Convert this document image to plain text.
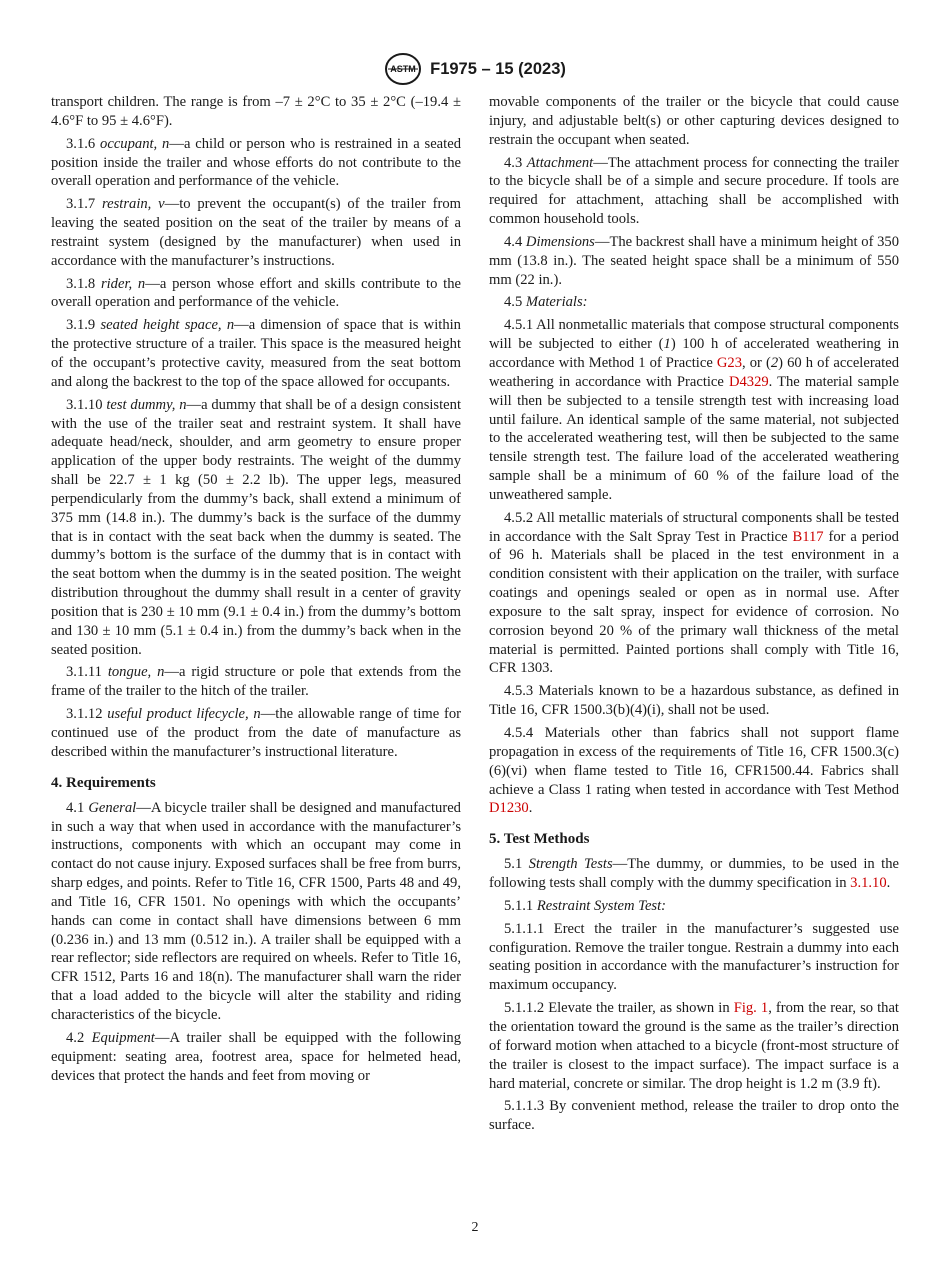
ASTM F1975 – 15 (2023)

transport children. The range is from –7 ± 2°C to 35 ± 2°C (–19.4 ± 4.6°F to 95 ± 4.6°F).

3.1.6 occupant, n—a child or person who is restrained in a seated position inside the trailer and whose efforts do not contribute to the overall operation and performance of the vehicle.

3.1.7 restrain, v—to prevent the occupant(s) of the trailer from leaving the seated position on the seat of the trailer by means of a restraint system (designed by the manufacturer) when used in accordance with the manufacturer’s instructions.

3.1.8 rider, n—a person whose effort and skills contribute to the overall operation and performance of the vehicle.

3.1.9 seated height space, n—a dimension of space that is within the protective structure of a trailer. This space is the measured height of the occupant’s protective cavity, measured from the seat bottom and along the backrest to the top of the space allowed for occupants.

3.1.10 test dummy, n—a dummy that shall be of a design consistent with the use of the trailer seat and restraint system. It shall have adequate head/neck, shoulder, and arm geometry to ensure proper application of the upper body restraints. The weight of the dummy shall be 22.7 ± 1 kg (50 ± 2.2 lb). The upper legs, measured perpendicularly from the dummy’s back, shall extend a minimum of 375 mm (14.8 in.). The dummy’s back is the surface of the dummy that is in contact with the seat back when the dummy is seated. The dummy’s bottom is the surface of the dummy that is in contact with the seat bottom when the dummy is in the seated position. The weight distribution throughout the dummy shall result in a center of gravity position that is 230 ± 10 mm (9.1 ± 0.4 in.) from the dummy’s bottom and 130 ± 10 mm (5.1 ± 0.4 in.) from the dummy’s back when in the seated position.

3.1.11 tongue, n—a rigid structure or pole that extends from the frame of the trailer to the hitch of the trailer.

3.1.12 useful product lifecycle, n—the allowable range of time for continued use of the product from the date of manufacture as described within the manufacturer’s instructional literature.

4. Requirements

4.1 General—A bicycle trailer shall be designed and manufactured in such a way that when used in accordance with the manufacturer’s instructions, components with which an occupant may come in contact do not cause injury. Exposed surfaces shall be free from burrs, sharp edges, and points. Refer to Title 16, CFR 1500, Parts 48 and 49, and Title 16, CFR 1501. No openings with which the occupants’ hands can come in contact shall have dimensions between 6 mm (0.236 in.) and 13 mm (0.512 in.). A trailer shall be equipped with a rear reflector; side reflectors are required on wheels. Refer to Title 16, CFR 1512, Parts 16 and 18(n). The manufacturer shall warn the rider that a load added to the bicycle will alter the stability and riding characteristics of the bicycle.

4.2 Equipment—A trailer shall be equipped with the following equipment: seating area, footrest area, space for helmeted head, devices that protect the hands and feet from moving or

movable components of the trailer or the bicycle that could cause injury, and adjustable belt(s) or other capturing devices designed to restrain the occupant when seated.

4.3 Attachment—The attachment process for connecting the trailer to the bicycle shall be of a simple and secure procedure. If tools are required for attachment, attaching shall be accomplished with common household tools.

4.4 Dimensions—The backrest shall have a minimum height of 350 mm (13.8 in.). The seated height space shall be a minimum of 550 mm (22 in.).

4.5 Materials:

4.5.1 All nonmetallic materials that compose structural components will be subjected to either (1) 100 h of accelerated weathering in accordance with Method 1 of Practice G23, or (2) 60 h of accelerated weathering in accordance with Practice D4329. The material sample will then be subjected to a tensile strength test with increasing load until failure. An identical sample of the same material, not subjected to the accelerated weathering test, will then be subjected to the same tensile strength test. The failure load of the accelerated weathering sample shall be a minimum of 60 % of the failure load of the unweathered sample.

4.5.2 All metallic materials of structural components shall be tested in accordance with the Salt Spray Test in Practice B117 for a period of 96 h. Materials shall be placed in the test environment in a condition consistent with their application on the trailer, with surface coatings and openings sealed or open as in normal use. After exposure to the salt spray, inspect for evidence of corrosion. No corrosion beyond 20 % of the primary wall thickness of the metal material is permitted. Painted portions shall comply with Title 16, CFR 1303.

4.5.3 Materials known to be a hazardous substance, as defined in Title 16, CFR 1500.3(b)(4)(i), shall not be used.

4.5.4 Materials other than fabrics shall not support flame propagation in excess of the requirements of Title 16, CFR 1500.3(c)(6)(vi) when flame tested to Title 16, CFR1500.44. Fabrics shall achieve a Class 1 rating when tested in accordance with Test Method D1230.

5. Test Methods

5.1 Strength Tests—The dummy, or dummies, to be used in the following tests shall comply with the dummy specification in 3.1.10.

5.1.1 Restraint System Test:

5.1.1.1 Erect the trailer in the manufacturer’s suggested use configuration. Remove the trailer tongue. Restrain a dummy into each seating position in accordance with the manufacturer’s instruction for maximum occupancy.

5.1.1.2 Elevate the trailer, as shown in Fig. 1, from the rear, so that the orientation toward the ground is the same as the trailer’s direction of forward motion when attached to a bicycle (front-most structure of the trailer is closest to the impact surface). The impact surface is a hard material, concrete or similar. The drop height is 1.2 m (3.9 ft).

5.1.1.3 By convenient method, release the trailer to drop onto the surface.

2
